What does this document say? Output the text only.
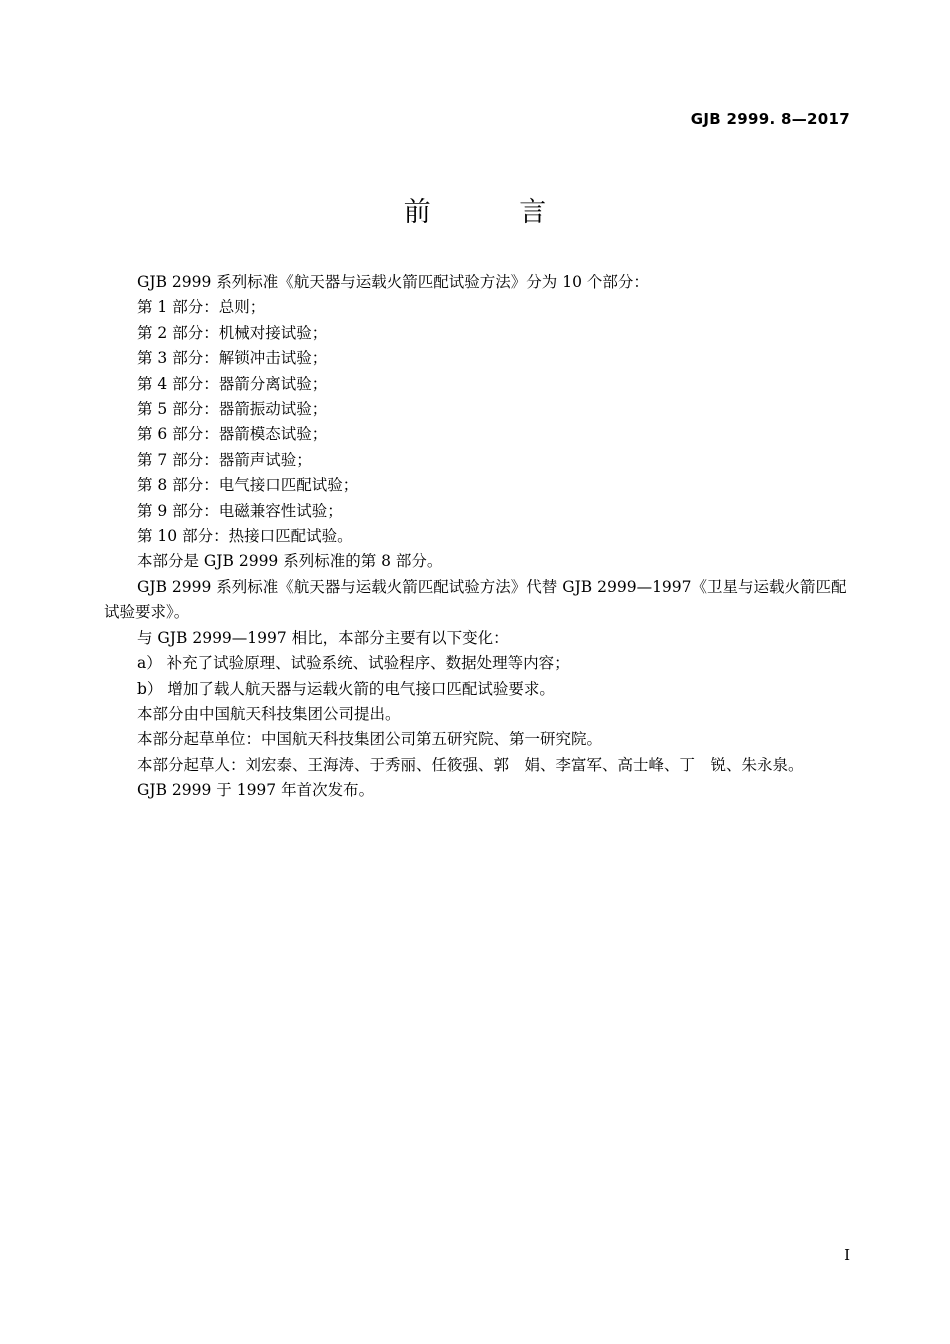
GJB 2999. 8—2017
前 言

GJB 2999 系列标准《航天器与运载火箭匹配试验方法》分为 10 个部分：

第 1 部分：总则；

第 2 部分：机械对接试验；

第 3 部分：解锁冲击试验；

第 4 部分：器箭分离试验；

第 5 部分：器箭振动试验；

第 6 部分：器箭模态试验；

第 7 部分：器箭声试验；

第 8 部分：电气接口匹配试验；

第 9 部分：电磁兼容性试验；

第 10 部分：热接口匹配试验。

本部分是 GJB 2999 系列标准的第 8 部分。

GJB 2999 系列标准《航天器与运载火箭匹配试验方法》代替 GJB 2999—1997《卫星与运载火箭匹配试验要求》。

与 GJB 2999—1997 相比，本部分主要有以下变化：

a） 补充了试验原理、试验系统、试验程序、数据处理等内容；

b） 增加了载人航天器与运载火箭的电气接口匹配试验要求。

本部分由中国航天科技集团公司提出。

本部分起草单位：中国航天科技集团公司第五研究院、第一研究院。

本部分起草人：刘宏泰、王海涛、于秀丽、任筱强、郭　娟、李富军、高士峰、丁　锐、朱永泉。

GJB 2999 于 1997 年首次发布。

I
